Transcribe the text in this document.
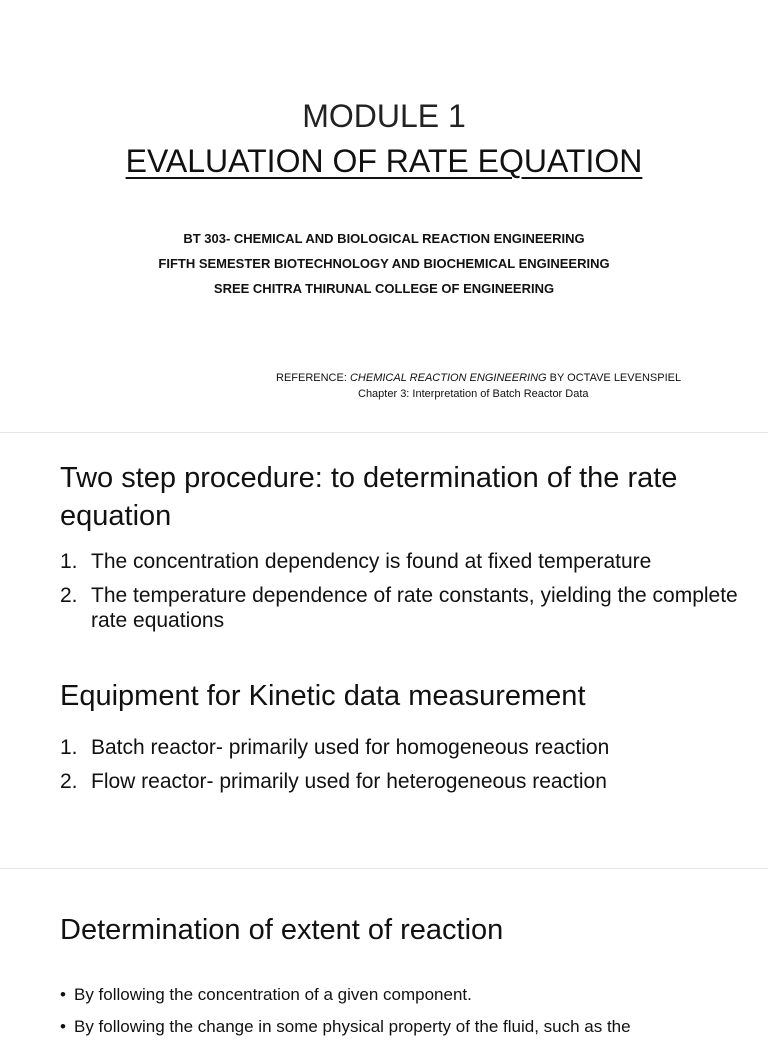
MODULE 1
EVALUATION OF RATE EQUATION
BT 303- CHEMICAL AND BIOLOGICAL REACTION ENGINEERING
FIFTH SEMESTER BIOTECHNOLOGY AND BIOCHEMICAL ENGINEERING
SREE CHITRA THIRUNAL COLLEGE OF ENGINEERING
REFERENCE: CHEMICAL REACTION ENGINEERING BY OCTAVE LEVENSPIEL
Chapter 3: Interpretation of Batch Reactor Data
Two step procedure: to determination of the rate equation
1. The concentration dependency is found at fixed temperature
2. The temperature dependence of rate constants, yielding the complete rate equations
Equipment for Kinetic data measurement
1. Batch reactor- primarily used for homogeneous reaction
2. Flow reactor- primarily used for heterogeneous reaction
Determination of extent of reaction
• By following the concentration of a given component.
• By following the change in some physical property of the fluid, such as the
